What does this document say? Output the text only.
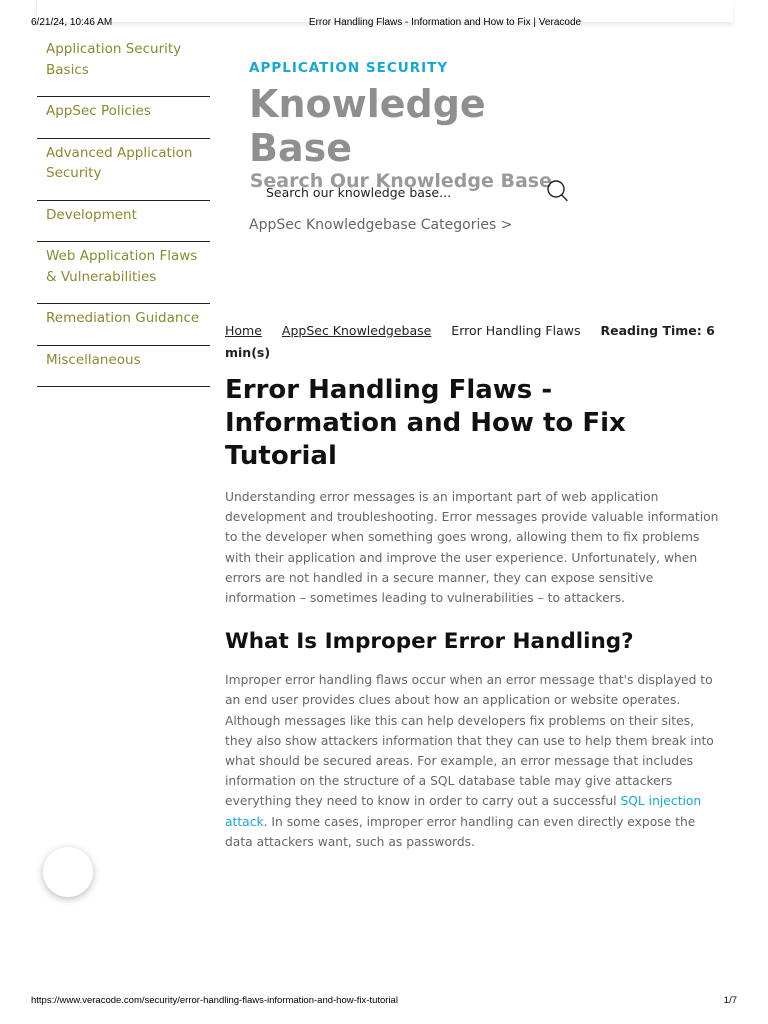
6/21/24, 10:46 AM	Error Handling Flaws - Information and How to Fix | Veracode
Application Security Basics
AppSec Policies
Advanced Application Security
Development
Web Application Flaws & Vulnerabilities
Remediation Guidance
Miscellaneous
APPLICATION SECURITY
Knowledge Base
Search Our Knowledge Base
Search our knowledge base...
AppSec Knowledgebase Categories >
Home AppSec Knowledgebase Error Handling Flaws Reading Time: 6 min(s)
Error Handling Flaws - Information and How to Fix Tutorial

Understanding error messages is an important part of web application development and troubleshooting. Error messages provide valuable information to the developer when something goes wrong, allowing them to fix problems with their application and improve the user experience. Unfortunately, when errors are not handled in a secure manner, they can expose sensitive information – sometimes leading to vulnerabilities – to attackers.

What Is Improper Error Handling?

Improper error handling flaws occur when an error message that's displayed to an end user provides clues about how an application or website operates. Although messages like this can help developers fix problems on their sites, they also show attackers information that they can use to help them break into what should be secured areas. For example, an error message that includes information on the structure of a SQL database table may give attackers everything they need to know in order to carry out a successful SQL injection attack. In some cases, improper error handling can even directly expose the data attackers want, such as passwords.

https://www.veracode.com/security/error-handling-flaws-information-and-how-fix-tutorial	1/7
